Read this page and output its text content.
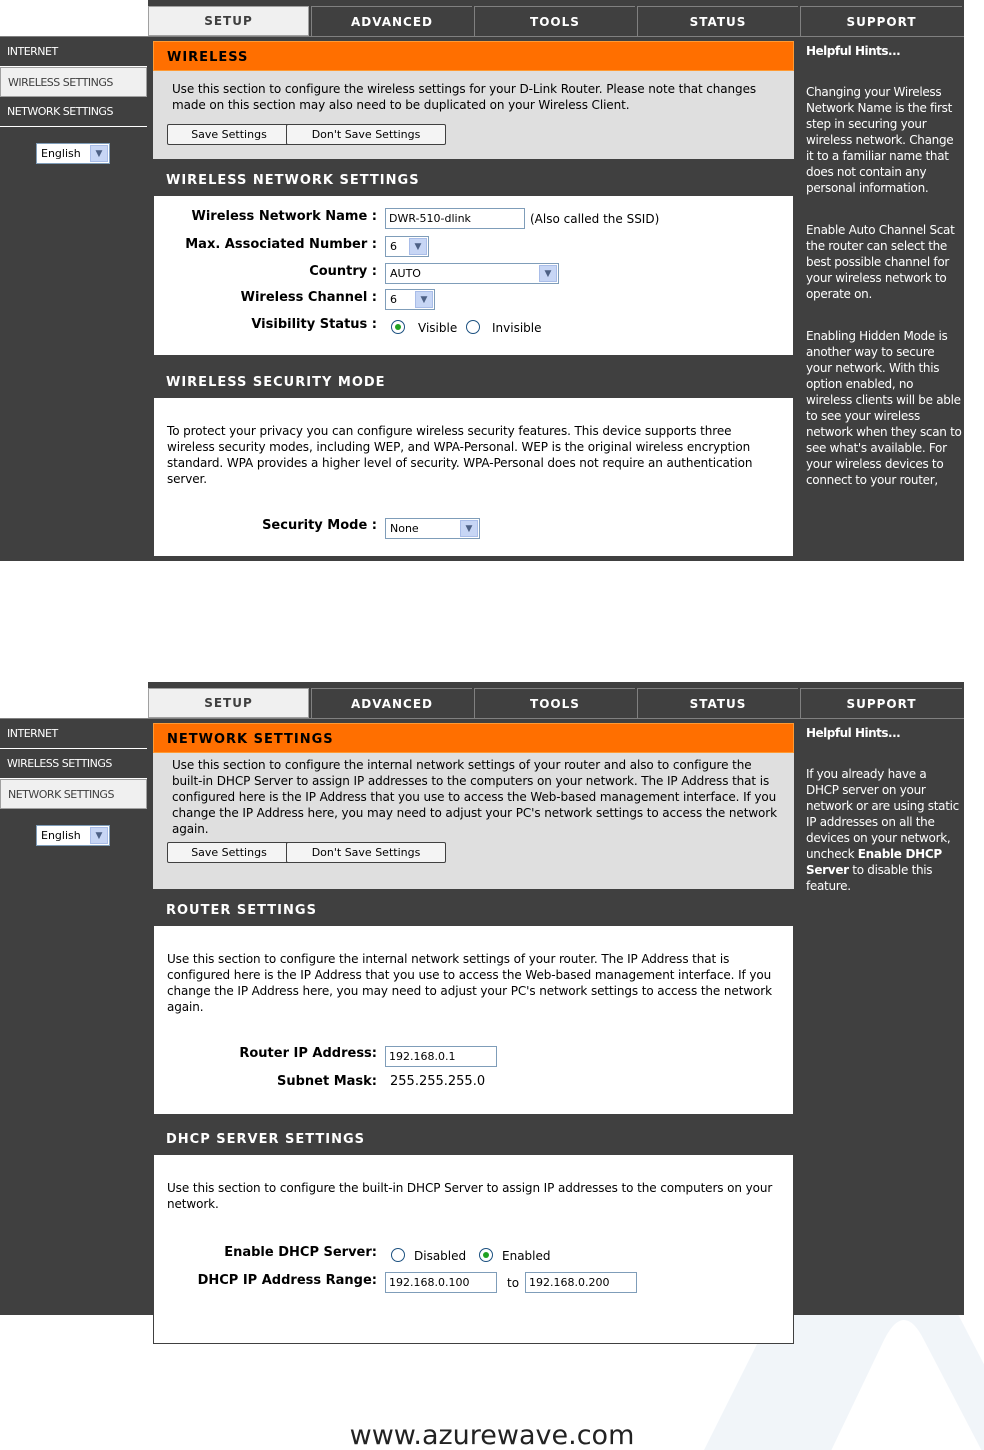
SETUP	ADVANCED	TOOLS	STATUS	SUPPORT
INTERNET
WIRELESS SETTINGS
NETWORK SETTINGS
English	▼
WIRELESS
Use this section to configure the wireless settings for your D-Link Router. Please note that changes made on this section may also need to be duplicated on your Wireless Client.
Save Settings	Don't Save Settings
WIRELESS NETWORK SETTINGS
Wireless Network Name :	DWR-510-dlink	(Also called the SSID)
Max. Associated Number :	6	▼
Country :	AUTO	▼
Wireless Channel :	6	▼
Visibility Status :	Visible	Invisible
WIRELESS SECURITY MODE
To protect your privacy you can configure wireless security features. This device supports three wireless security modes, including WEP, and WPA-Personal. WEP is the original wireless encryption standard. WPA provides a higher level of security. WPA-Personal does not require an authentication server.
Security Mode :	None	▼
Helpful Hints...

Changing your Wireless Network Name is the first step in securing your wireless network. Change it to a familiar name that does not contain any personal information.

Enable Auto Channel Scat the router can select the best possible channel for your wireless network to operate on.

Enabling Hidden Mode is another way to secure your network. With this option enabled, no wireless clients will be able to see your wireless network when they scan to see what's available. For your wireless devices to connect to your router,

SETUP	ADVANCED	TOOLS	STATUS	SUPPORT
INTERNET
WIRELESS SETTINGS
NETWORK SETTINGS
English	▼
NETWORK SETTINGS
Use this section to configure the internal network settings of your router and also to configure the built-in DHCP Server to assign IP addresses to the computers on your network. The IP Address that is configured here is the IP Address that you use to access the Web-based management interface. If you change the IP Address here, you may need to adjust your PC's network settings to access the network again.
Save Settings	Don't Save Settings
ROUTER SETTINGS
Use this section to configure the internal network settings of your router. The IP Address that is configured here is the IP Address that you use to access the Web-based management interface. If you change the IP Address here, you may need to adjust your PC's network settings to access the network again.
Router IP Address:	192.168.0.1
Subnet Mask: 255.255.255.0
DHCP SERVER SETTINGS
Use this section to configure the built-in DHCP Server to assign IP addresses to the computers on your network.
Enable DHCP Server:	Disabled	Enabled
DHCP IP Address Range:	192.168.0.100	to 192.168.0.200
Helpful Hints...

If you already have a DHCP server on your network or are using static IP addresses on all the devices on your network, uncheck Enable DHCP Server to disable this feature.

www.azurewave.com
